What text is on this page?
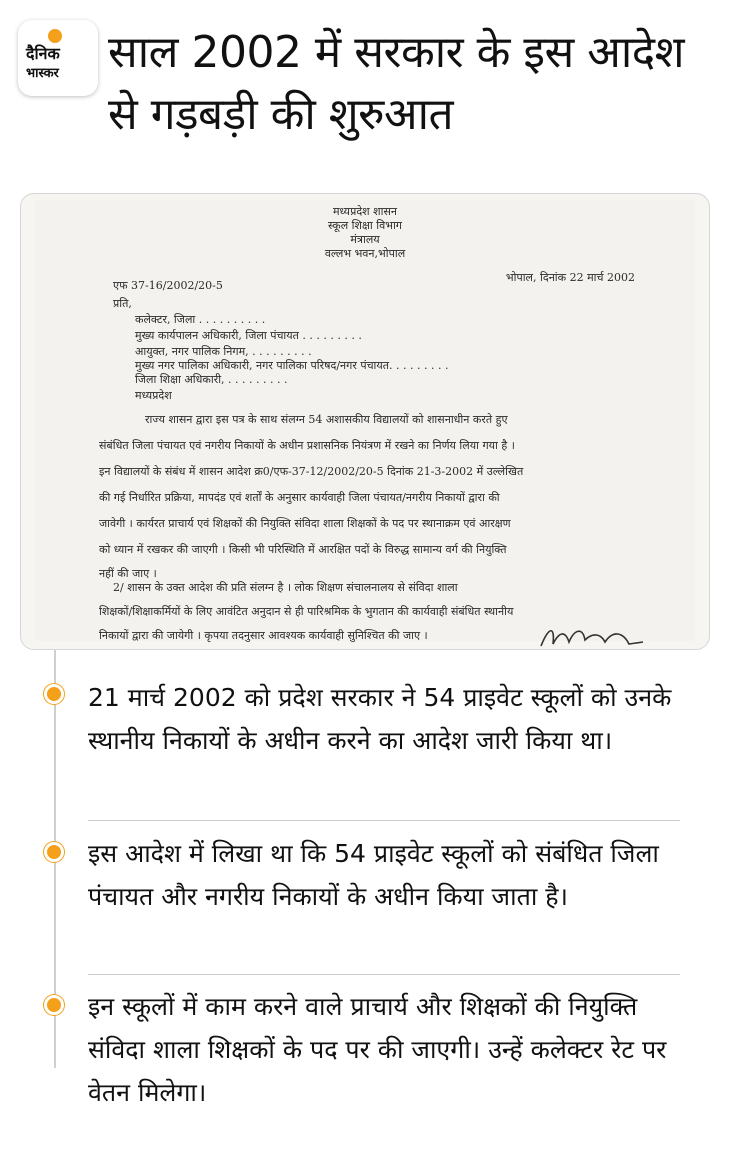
दैनिक
भास्कर साल 2002 में सरकार के इस आदेश से गड़बड़ी की शुरुआत
मध्यप्रदेश शासन
स्कूल शिक्षा विभाग
मंत्रालय
वल्लभ भवन,भोपाल
भोपाल, दिनांक 22 मार्च 2002
एफ 37-16/2002/20-5
प्रति,
कलेक्टर, जिला . . . . . . . . . .
मुख्य कार्यपालन अधिकारी, जिला पंचायत . . . . . . . . .
आयुक्त, नगर पालिक निगम, . . . . . . . . .
मुख्य नगर पालिका अधिकारी, नगर पालिका परिषद/नगर पंचायत. . . . . . . . .
जिला शिक्षा अधिकारी, . . . . . . . . .
मध्यप्रदेश
राज्य शासन द्वारा इस पत्र के साथ संलग्न 54 अशासकीय विद्यालयों को शासनाधीन करते हुए
संबंधित जिला पंचायत एवं नगरीय निकायों के अधीन प्रशासनिक नियंत्रण में रखने का निर्णय लिया गया है ।
इन विद्यालयों के संबंध में शासन आदेश क्र0/एफ-37-12/2002/20-5 दिनांक 21-3-2002 में उल्लेखित
की गई निर्धारित प्रक्रिया, मापदंड एवं शर्तों के अनुसार कार्यवाही जिला पंचायत/नगरीय निकायों द्वारा की
जावेगी । कार्यरत प्राचार्य एवं शिक्षकों की नियुक्ति संविदा शाला शिक्षकों के पद पर स्थानाक्रम एवं आरक्षण
को ध्यान में रखकर की जाएगी । किसी भी परिस्थिति में आरक्षित पदों के विरुद्ध सामान्य वर्ग की नियुक्ति
नहीं की जाए ।
2/ शासन के उक्त आदेश की प्रति संलग्न है । लोक शिक्षण संचालनालय से संविदा शाला
शिक्षकों/शिक्षाकर्मियों के लिए आवंटित अनुदान से ही पारिश्रमिक के भुगतान की कार्यवाही संबंधित स्थानीय
निकायों द्वारा की जायेगी । कृपया तदनुसार आवश्यक कार्यवाही सुनिश्चित की जाए ।

21 मार्च 2002 को प्रदेश सरकार ने 54 प्राइवेट स्कूलों को उनके स्थानीय निकायों के अधीन करने का आदेश जारी किया था।

इस आदेश में लिखा था कि 54 प्राइवेट स्कूलों को संबंधित जिला पंचायत और नगरीय निकायों के अधीन किया जाता है।

इन स्कूलों में काम करने वाले प्राचार्य और शिक्षकों की नियुक्ति संविदा शाला शिक्षकों के पद पर की जाएगी। उन्हें कलेक्टर रेट पर वेतन मिलेगा।
